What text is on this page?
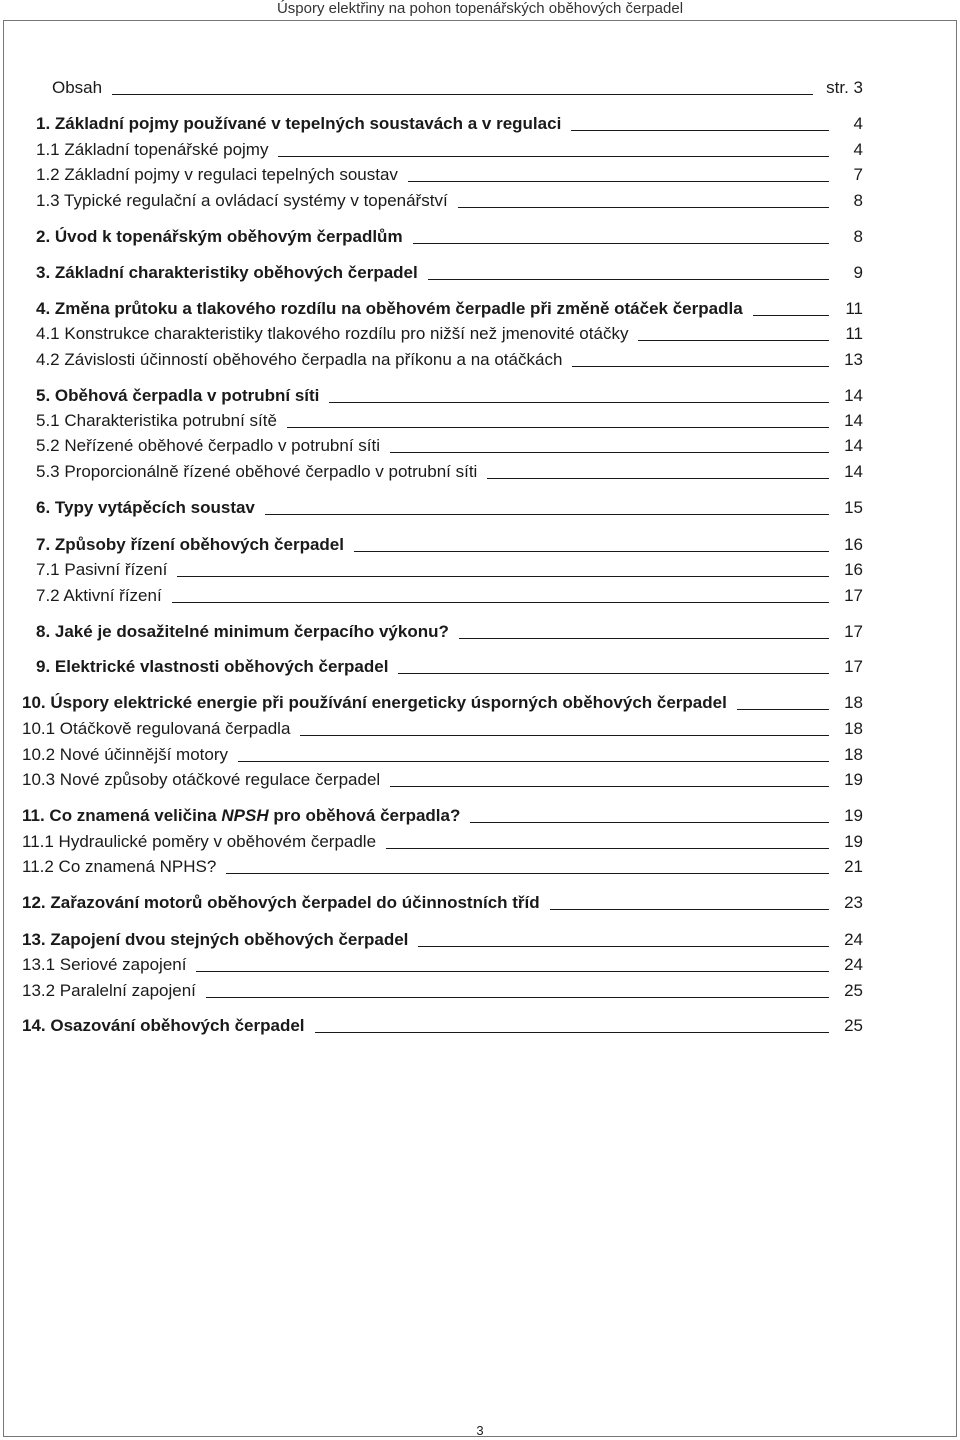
Úspory elektřiny na pohon topenářských oběhových čerpadel
Obsah	str. 3
1. Základní pojmy používané v tepelných soustavách a v regulaci	4
1.1 Základní topenářské pojmy	4
1.2 Základní pojmy v regulaci tepelných soustav	7
1.3 Typické regulační a ovládací systémy v topenářství	8
2. Úvod k topenářským oběhovým čerpadlům	8
3. Základní charakteristiky oběhových čerpadel	9
4. Změna průtoku a tlakového rozdílu na oběhovém čerpadle při změně otáček čerpadla	11
4.1 Konstrukce charakteristiky tlakového rozdílu pro nižší než jmenovité otáčky	11
4.2 Závislosti účinností oběhového čerpadla na příkonu a na otáčkách	13
5. Oběhová čerpadla v potrubní síti	14
5.1 Charakteristika potrubní sítě	14
5.2 Neřízené oběhové čerpadlo v potrubní síti	14
5.3 Proporcionálně řízené oběhové čerpadlo v potrubní síti	14
6. Typy vytápěcích soustav	15
7. Způsoby řízení oběhových čerpadel	16
7.1 Pasivní řízení	16
7.2 Aktivní řízení	17
8. Jaké je dosažitelné minimum čerpacího výkonu?	17
9. Elektrické vlastnosti oběhových čerpadel	17
10. Úspory elektrické energie při používání energeticky úsporných oběhových čerpadel	18
10.1 Otáčkově regulovaná čerpadla	18
10.2 Nové účinnější motory	18
10.3 Nové způsoby otáčkové regulace čerpadel	19
11. Co znamená veličina NPSH pro oběhová čerpadla?	19
11.1 Hydraulické poměry v oběhovém čerpadle	19
11.2 Co znamená NPHS?	21
12. Zařazování motorů oběhových čerpadel do účinnostních tříd	23
13. Zapojení dvou stejných oběhových čerpadel	24
13.1 Seriové zapojení	24
13.2 Paralelní zapojení	25
14. Osazování oběhových čerpadel	25
3
